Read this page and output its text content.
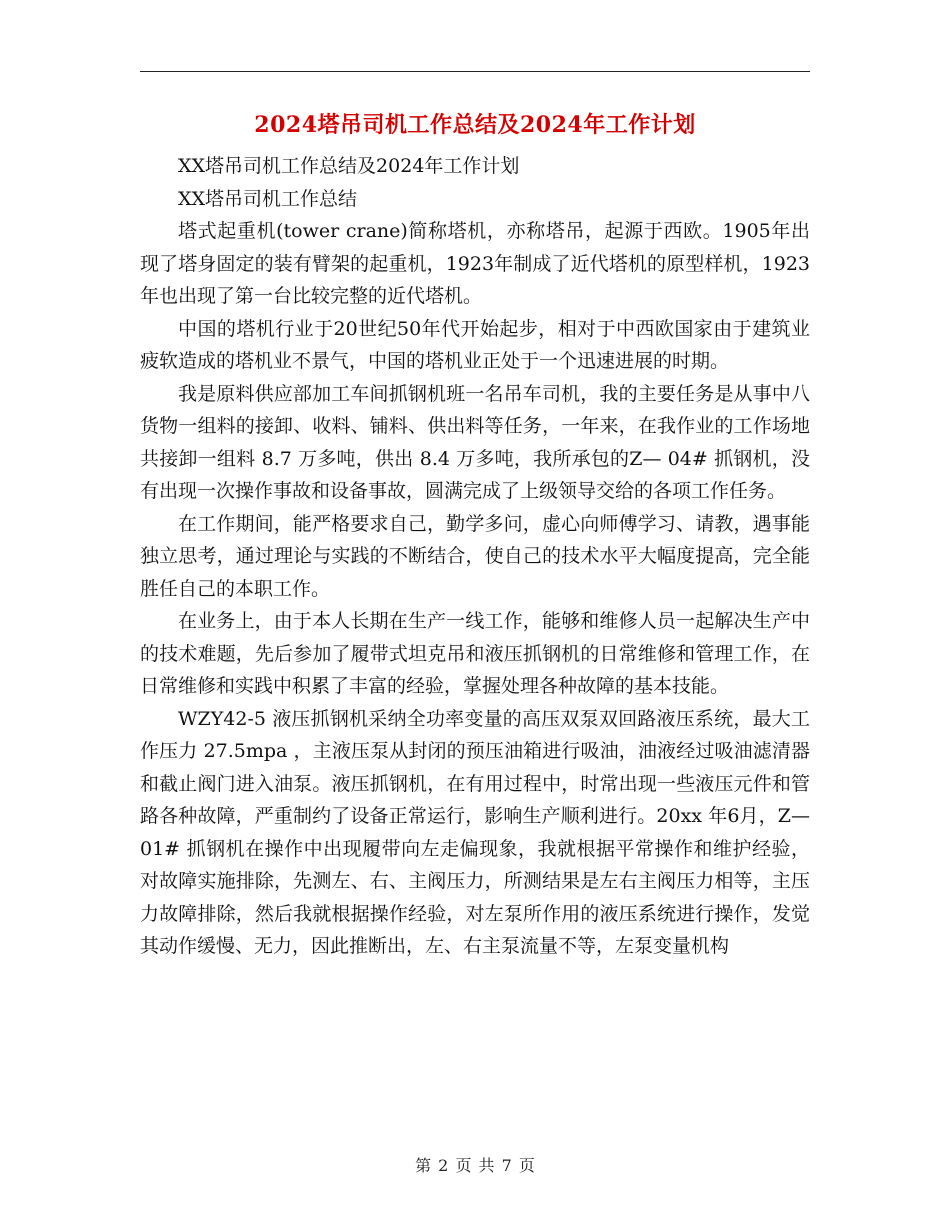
2024塔吊司机工作总结及2024年工作计划

XX塔吊司机工作总结及2024年工作计划

XX塔吊司机工作总结

塔式起重机(tower crane)简称塔机，亦称塔吊，起源于西欧。1905年出现了塔身固定的装有臂架的起重机，1923年制成了近代塔机的原型样机，1923年也出现了第一台比较完整的近代塔机。

中国的塔机行业于20世纪50年代开始起步，相对于中西欧国家由于建筑业疲软造成的塔机业不景气，中国的塔机业正处于一个迅速进展的时期。

我是原料供应部加工车间抓钢机班一名吊车司机，我的主要任务是从事中八货物一组料的接卸、收料、铺料、供出料等任务，一年来，在我作业的工作场地共接卸一组料 8.7 万多吨，供出 8.4 万多吨，我所承包的Z— 04# 抓钢机，没有出现一次操作事故和设备事故，圆满完成了上级领导交给的各项工作任务。

在工作期间，能严格要求自己，勤学多问，虚心向师傅学习、请教，遇事能独立思考，通过理论与实践的不断结合，使自己的技术水平大幅度提高，完全能胜任自己的本职工作。

在业务上，由于本人长期在生产一线工作，能够和维修人员一起解决生产中的技术难题，先后参加了履带式坦克吊和液压抓钢机的日常维修和管理工作，在日常维修和实践中积累了丰富的经验，掌握处理各种故障的基本技能。

WZY42-5 液压抓钢机采纳全功率变量的高压双泵双回路液压系统，最大工作压力 27.5mpa ，主液压泵从封闭的预压油箱进行吸油，油液经过吸油滤清器和截止阀门进入油泵。液压抓钢机，在有用过程中，时常出现一些液压元件和管路各种故障，严重制约了设备正常运行，影响生产顺利进行。20xx 年6月，Z—01# 抓钢机在操作中出现履带向左走偏现象，我就根据平常操作和维护经验，对故障实施排除，先测左、右、主阀压力，所测结果是左右主阀压力相等，主压力故障排除，然后我就根据操作经验，对左泵所作用的液压系统进行操作，发觉其动作缓慢、无力，因此推断出，左、右主泵流量不等，左泵变量机构

第 2 页 共 7 页
